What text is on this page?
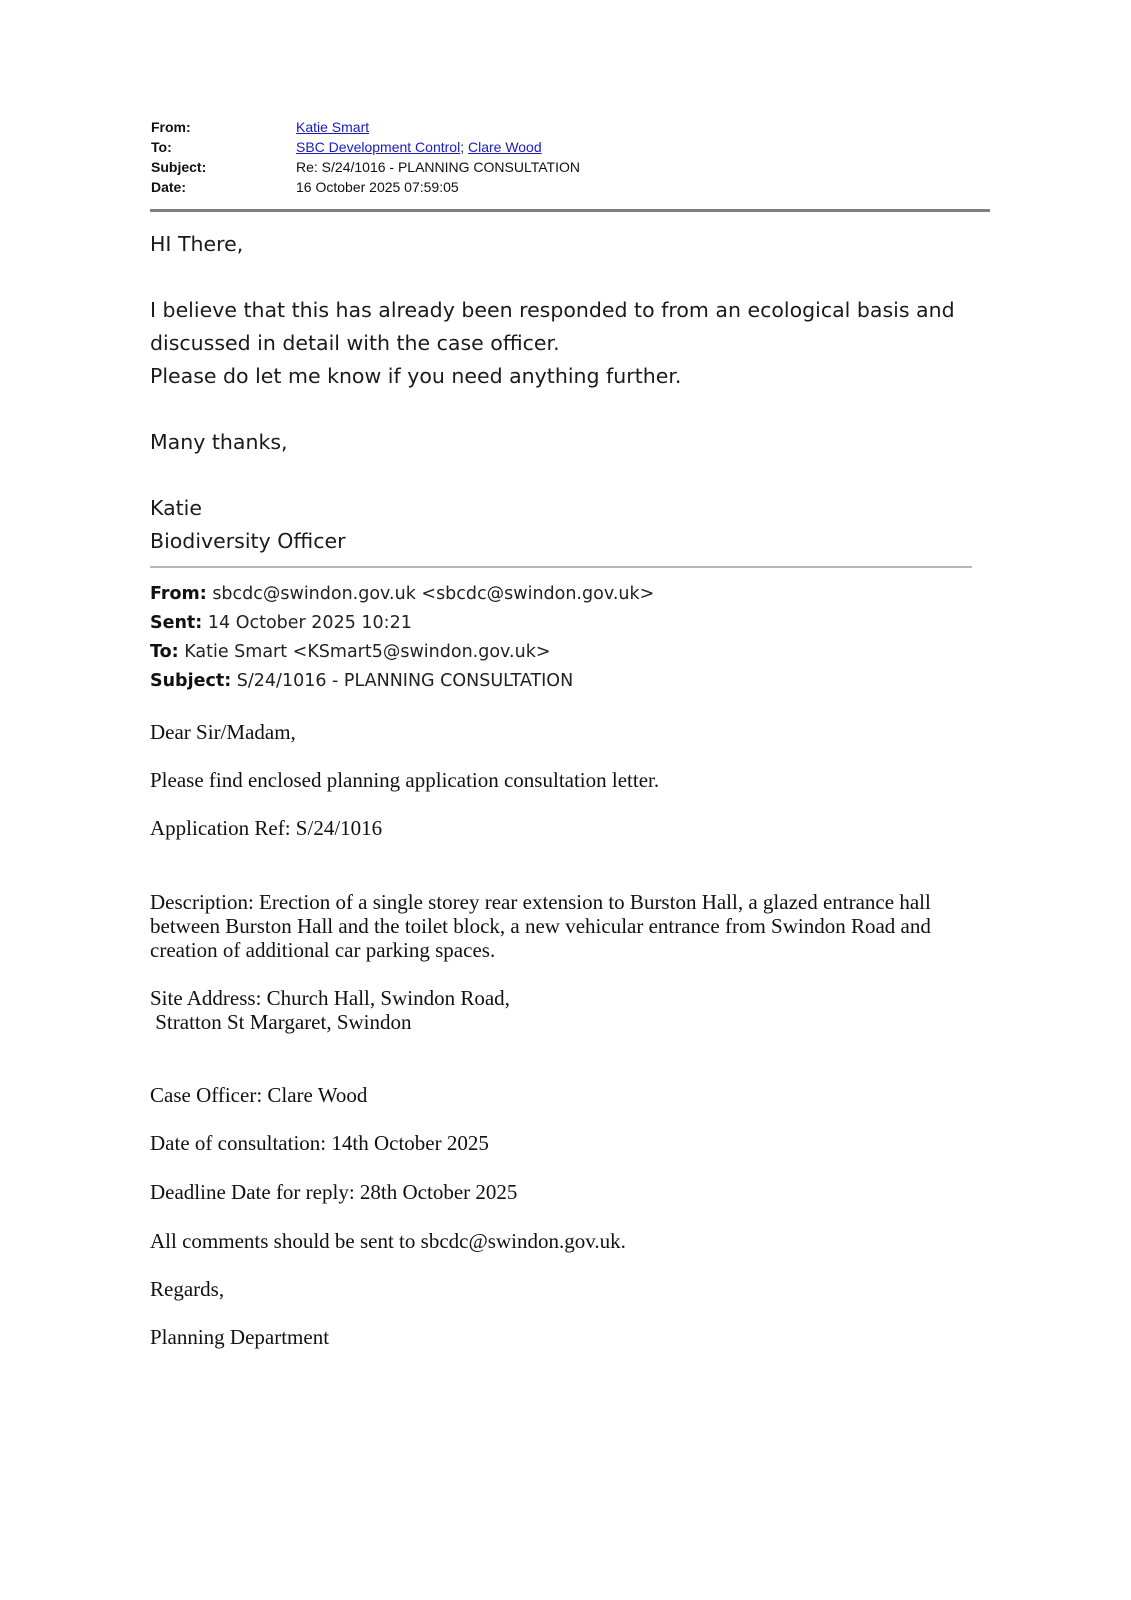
From:	Katie Smart
To:	SBC Development Control; Clare Wood
Subject:	Re: S/24/1016 - PLANNING CONSULTATION
Date:	16 October 2025 07:59:05

HI There,

I believe that this has already been responded to from an ecological basis and

discussed in detail with the case officer.

Please do let me know if you need anything further.

Many thanks,

Katie

Biodiversity Officer

From: sbcdc@swindon.gov.uk <sbcdc@swindon.gov.uk>
Sent: 14 October 2025 10:21
To: Katie Smart <KSmart5@swindon.gov.uk>
Subject: S/24/1016 - PLANNING CONSULTATION
Dear Sir/Madam,
Please find enclosed planning application consultation letter.
Application Ref: S/24/1016
Description: Erection of a single storey rear extension to Burston Hall, a glazed entrance hall
between Burston Hall and the toilet block, a new vehicular entrance from Swindon Road and
creation of additional car parking spaces.
Site Address: Church Hall, Swindon Road,
Stratton St Margaret, Swindon
Case Officer: Clare Wood
Date of consultation: 14th October 2025
Deadline Date for reply: 28th October 2025
All comments should be sent to sbcdc@swindon.gov.uk.
Regards,
Planning Department
